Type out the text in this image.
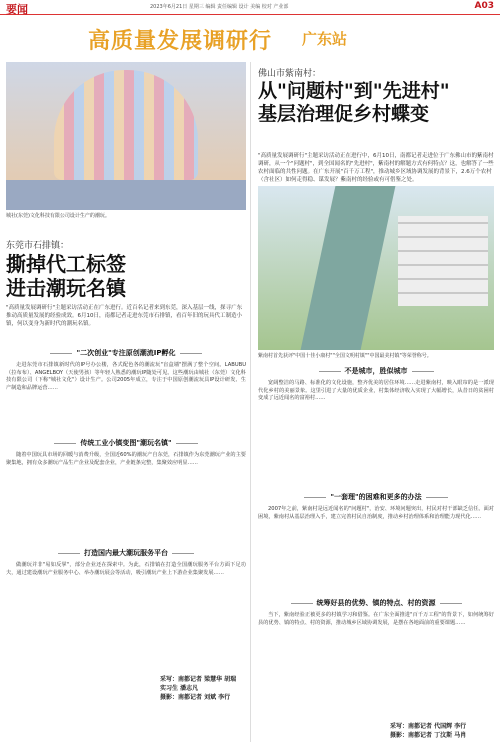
要闻	2023年6月21日 星期三 编辑 责任编辑 设计 美编 校对 产业部	A03
高质量发展调研行 广东站
城社(东莞)文化科技有限公司设计生产的潮玩。
东莞市石排镇：
撕掉代工标签
进击潮玩名镇
"高质量发展调研行"主题采访活动正在广东进行。近百名记者来到东莞，深入基层一线，探寻广东推动高质量发展的经验成效。6月10日，南都记者走进东莞市石排镇，看百年旧的玩具代工制造小镇，何以变身为新时代的潮玩名镇。
"二次创业"专注原创潮流IP孵化
走进东莞市石排镇新时代的IP号办公楼，各式配色各的潮流玩"盲盒墙"摆满了整个空间。LABUBU（拉布布）、ANGELBOY（天使男孩）等年轻人熟悉的潮玩IP随处可见。这些潮玩由城社（东莞）文化科技有限公司（下称"城社文化"）设计生产。公司2005年成立，专注于中国原创潮流玩具IP设计研发、生产制造和品牌运营……
传统工业小镇变图"潮玩名镇"
随着中国玩具市场的回暖与消费升级，全国近60%的潮玩产自东莞，石排镇作为东莞潮玩产业的主要聚集地，拥有众多潮玩产品生产企业及配套企业，产业链条完整，集聚效应明显……
打造国内最大潮玩服务平台
做潮玩并非"易如反掌"，部分企业还在探索中。为此，石排镇在打造全国潮玩服务平台方面下足功夫，通过建设潮玩产业服务中心、举办潮玩展会等活动，吸引潮玩产业上下游企业集聚发展……
采写：南都记者 梁慧华 胡瑞
实习生 潘志凡
摄影：南都记者 刘斌 李行
佛山市紫南村：
从"问题村"到"先进村"
基层治理促乡村蝶变
"高质量发展调研行"主题采访活动正在进行中，6月10日，南都记者走进位于广东佛山市的紫南村调研，从一个"问题村"，到全国闻名的"先进村"，紫南村的解题方式有何特点？这，也解答了一些农村面临的共性问题。在广东开展"百千万工程"，推动城乡区域协调发展的背景下，2.6万个农村（含社区）如何走得稳、谋发展？紫南村的经验或有可借鉴之处。
紫南村首先获评"中国十佳小康村""全国文明村镇""中国最美村镇"等荣誉称号。
不是城市，胜似城市
宽阔整洁的马路、标准化的文化设施，整齐优美的居住环境……走进紫南村，映入眼帘的是一派现代化乡村的美丽景象。这里引进了大量的优质企业，村集体经济收入实现了大幅增长，从昔日的贫困村变成了远近闻名的富裕村……
"一套理"的困难和更多的办法
2007年之前，紫南村是远近闻名的"问题村"，治安、环境问题突出，村民对村干部缺乏信任。面对困境，紫南村从基层治理入手，建立完善村民自治制度，推动乡村治理体系和治理能力现代化……
统筹好县的优势、镇的特点、村的资源
当下，紫南经验正被更多的村镇学习和借鉴。在广东全面推进"百千万工程"的背景下，如何统筹好县的优势、镇的特点、村的资源，推动城乡区域协调发展，是摆在各地面前的重要课题……
采写：南都记者 代国辉 李行
摄影：南都记者 丁汶斯 马肖
